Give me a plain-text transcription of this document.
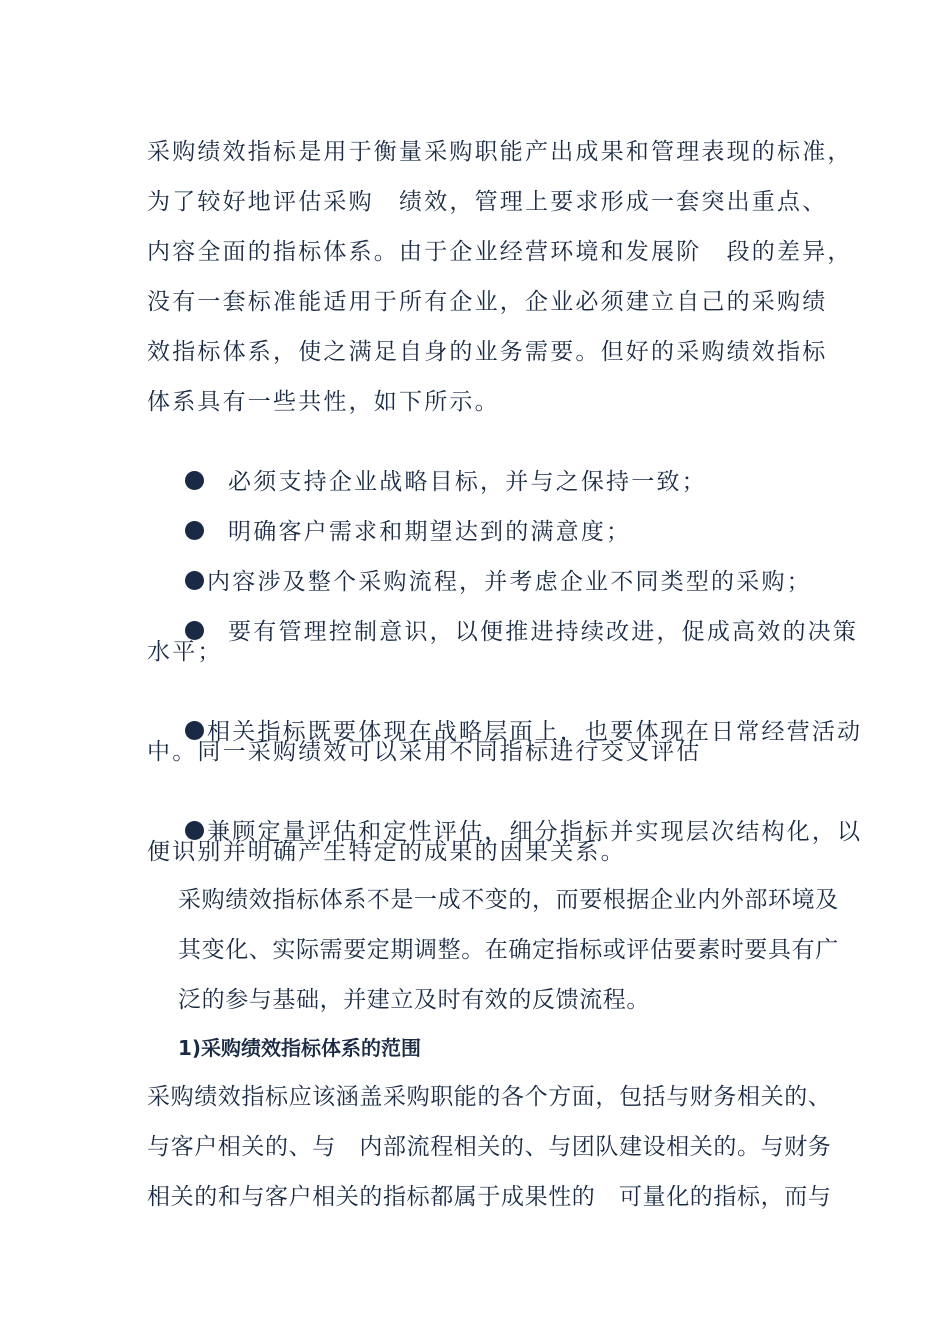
采购绩效指标是用于衡量采购职能产出成果和管理表现的标准，
为了较好地评估采购　绩效，管理上要求形成一套突出重点、
内容全面的指标体系。由于企业经营环境和发展阶　段的差异，
没有一套标准能适用于所有企业，企业必须建立自己的采购绩
效指标体系，使之满足自身的业务需要。但好的采购绩效指标
体系具有一些共性，如下所示。

必须支持企业战略目标，并与之保持一致；

明确客户需求和期望达到的满意度；

内容涉及整个采购流程，并考虑企业不同类型的采购；

要有管理控制意识，以便推进持续改进，促成高效的决策

水平；

相关指标既要体现在战略层面上，也要体现在日常经营活动

中。同一采购绩效可以采用不同指标进行交叉评估

兼顾定量评估和定性评估，细分指标并实现层次结构化，以

便识别并明确产生特定的成果的因果关系。
采购绩效指标体系不是一成不变的，而要根据企业内外部环境及
其变化、实际需要定期调整。在确定指标或评估要素时要具有广
泛的参与基础，并建立及时有效的反馈流程。
1)采购绩效指标体系的范围
采购绩效指标应该涵盖采购职能的各个方面，包括与财务相关的、
与客户相关的、与　内部流程相关的、与团队建设相关的。与财务
相关的和与客户相关的指标都属于成果性的　可量化的指标，而与
